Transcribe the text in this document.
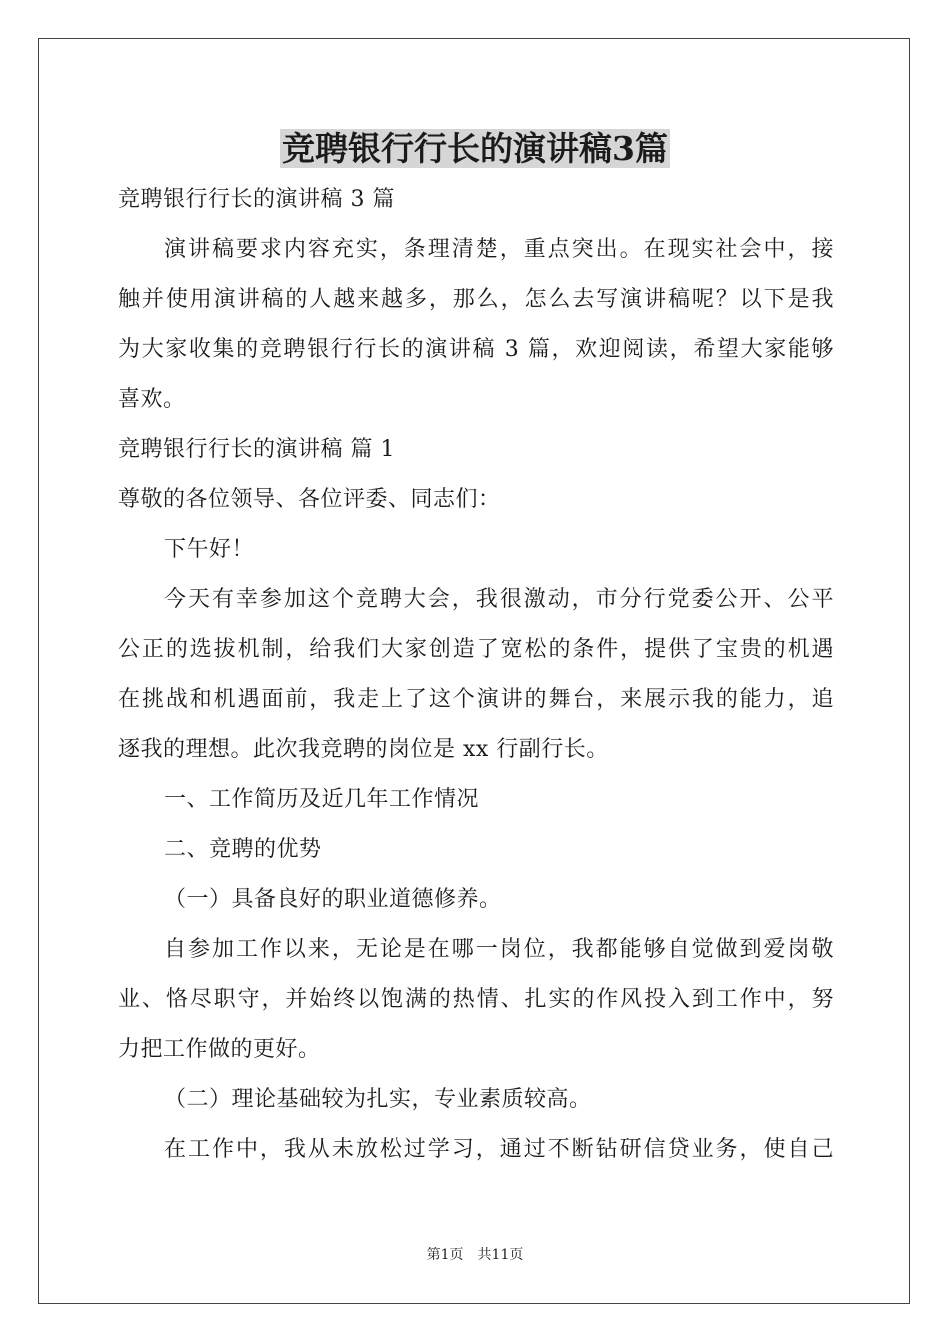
竞聘银行行长的演讲稿3篇
竞聘银行行长的演讲稿 3 篇
演讲稿要求内容充实，条理清楚，重点突出。在现实社会中，接
触并使用演讲稿的人越来越多，那么，怎么去写演讲稿呢？以下是我
为大家收集的竞聘银行行长的演讲稿 3 篇，欢迎阅读，希望大家能够
喜欢。
竞聘银行行长的演讲稿 篇 1
尊敬的各位领导、各位评委、同志们：
下午好！
今天有幸参加这个竞聘大会，我很激动，市分行党委公开、公平
公正的选拔机制，给我们大家创造了宽松的条件，提供了宝贵的机遇
在挑战和机遇面前，我走上了这个演讲的舞台，来展示我的能力，追
逐我的理想。此次我竞聘的岗位是 xx 行副行长。
一、工作简历及近几年工作情况
二、竞聘的优势
（一）具备良好的职业道德修养。
自参加工作以来，无论是在哪一岗位，我都能够自觉做到爱岗敬
业、恪尽职守，并始终以饱满的热情、扎实的作风投入到工作中，努
力把工作做的更好。
（二）理论基础较为扎实，专业素质较高。
在工作中，我从未放松过学习，通过不断钻研信贷业务，使自己
第1页　共11页
